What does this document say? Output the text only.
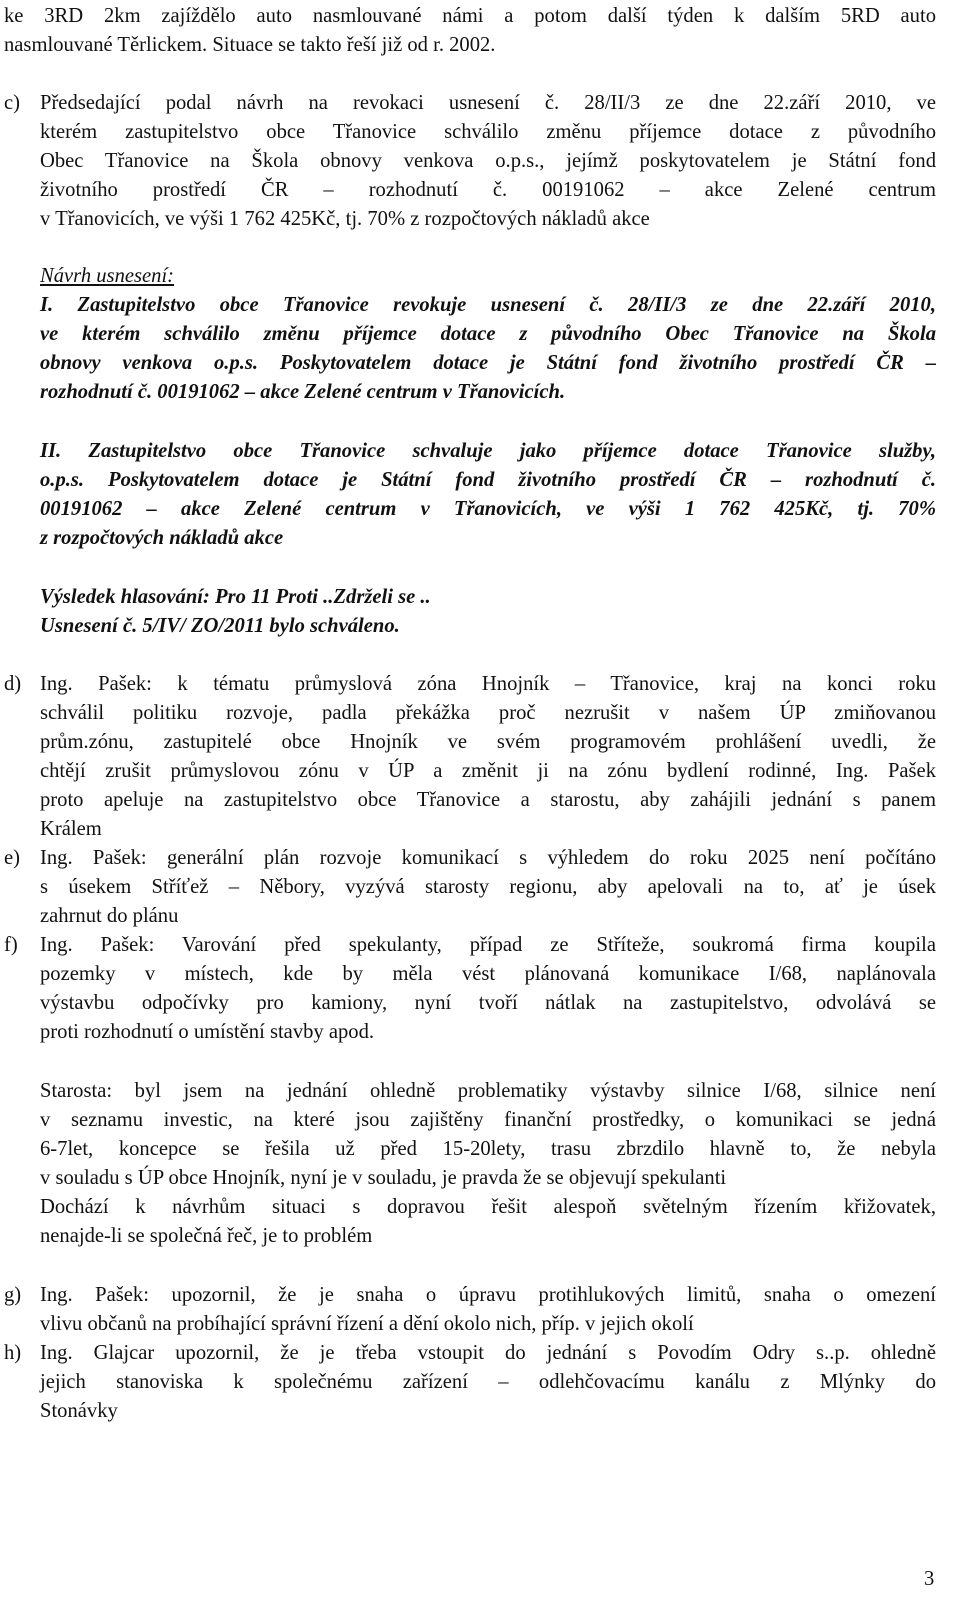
ke 3RD 2km zajíždělo auto nasmlouvané námi a potom další týden k dalším 5RD auto
nasmlouvané Těrlickem. Situace se takto řeší již od r. 2002.
c) Předsedající podal návrh na revokaci usnesení č. 28/II/3 ze dne 22.září 2010, ve
kterém zastupitelstvo obce Třanovice schválilo změnu příjemce dotace z původního
Obec Třanovice na Škola obnovy venkova o.p.s., jejímž poskytovatelem je Státní fond
životního prostředí ČR – rozhodnutí č. 00191062 – akce Zelené centrum
v Třanovicích, ve výši 1 762 425Kč, tj. 70% z rozpočtových nákladů akce
Návrh usnesení:
I. Zastupitelstvo obce Třanovice revokuje usnesení č. 28/II/3 ze dne 22.září 2010,
ve kterém schválilo změnu příjemce dotace z původního Obec Třanovice na Škola
obnovy venkova o.p.s. Poskytovatelem dotace je Státní fond životního prostředí ČR –
rozhodnutí č. 00191062 – akce Zelené centrum v Třanovicích.
II. Zastupitelstvo obce Třanovice schvaluje jako příjemce dotace Třanovice služby,
o.p.s. Poskytovatelem dotace je Státní fond životního prostředí ČR – rozhodnutí č.
00191062 – akce Zelené centrum v Třanovicích, ve výši 1 762 425Kč, tj. 70%
z rozpočtových nákladů akce
Výsledek hlasování: Pro 11 Proti ..Zdrželi se ..
Usnesení č. 5/IV/ ZO/2011 bylo schváleno.
d) Ing. Pašek: k tématu průmyslová zóna Hnojník – Třanovice, kraj na konci roku
schválil politiku rozvoje, padla překážka proč nezrušit v našem ÚP zmiňovanou
prům.zónu, zastupitelé obce Hnojník ve svém programovém prohlášení uvedli, že
chtějí zrušit průmyslovou zónu v ÚP a změnit ji na zónu bydlení rodinné, Ing. Pašek
proto apeluje na zastupitelstvo obce Třanovice a starostu, aby zahájili jednání s panem
Králem
e) Ing. Pašek: generální plán rozvoje komunikací s výhledem do roku 2025 není počítáno
s úsekem Stříťež – Něbory, vyzývá starosty regionu, aby apelovali na to, ať je úsek
zahrnut do plánu
f) Ing. Pašek: Varování před spekulanty, případ ze Stříteže, soukromá firma koupila
pozemky v místech, kde by měla vést plánovaná komunikace I/68, naplánovala
výstavbu odpočívky pro kamiony, nyní tvoří nátlak na zastupitelstvo, odvolává se
proti rozhodnutí o umístění stavby apod.
Starosta: byl jsem na jednání ohledně problematiky výstavby silnice I/68, silnice není
v seznamu investic, na které jsou zajištěny finanční prostředky, o komunikaci se jedná
6-7let, koncepce se řešila už před 15-20lety, trasu zbrzdilo hlavně to, že nebyla
v souladu s ÚP obce Hnojník, nyní je v souladu, je pravda že se objevují spekulanti
Dochází k návrhům situaci s dopravou řešit alespoň světelným řízením křižovatek,
nenajde-li se společná řeč, je to problém
g) Ing. Pašek: upozornil, že je snaha o úpravu protihlukových limitů, snaha o omezení
vlivu občanů na probíhající správní řízení a dění okolo nich, příp. v jejich okolí
h) Ing. Glajcar upozornil, že je třeba vstoupit do jednání s Povodím Odry s..p. ohledně
jejich stanoviska k společnému zařízení – odlehčovacímu kanálu z Mlýnky do
Stonávky
3
